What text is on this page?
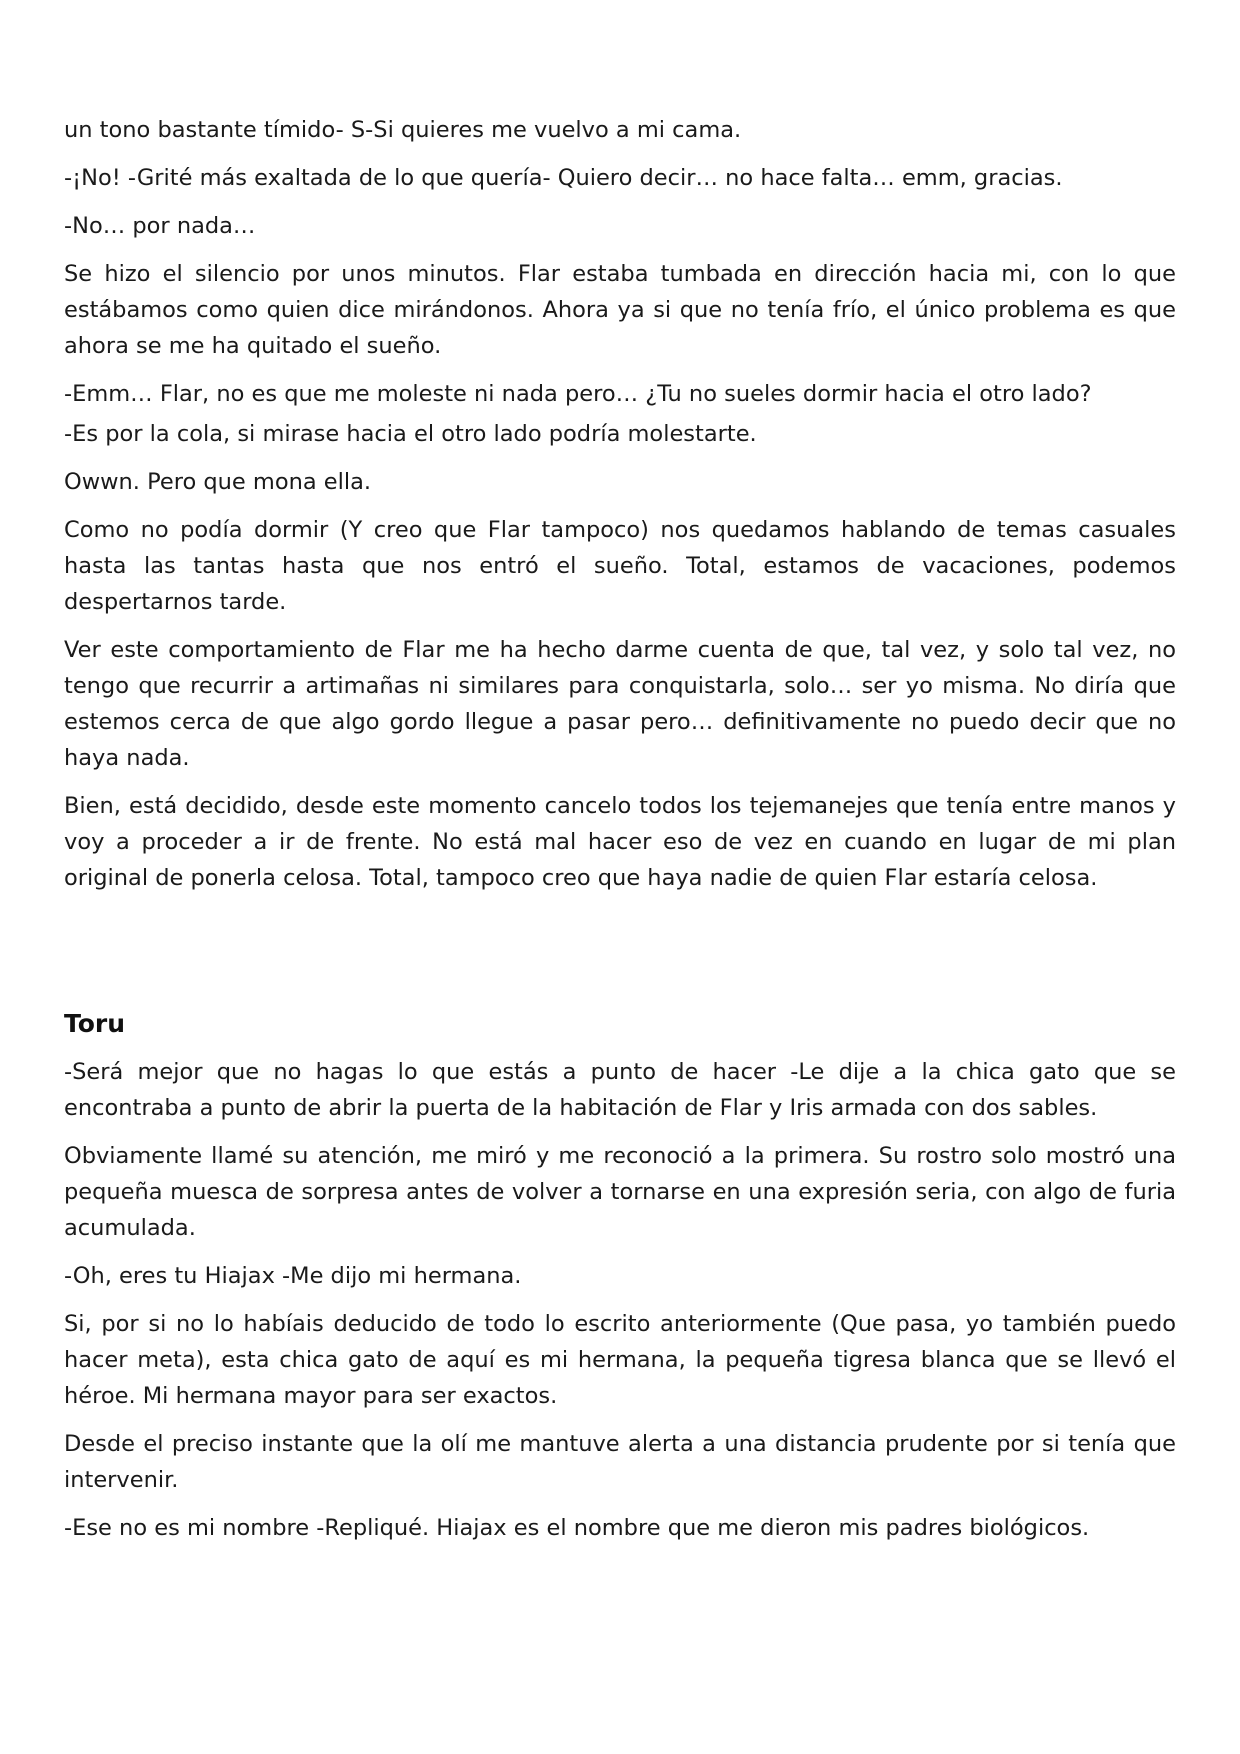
un tono bastante tímido- S-Si quieres me vuelvo a mi cama.

-¡No! -Grité más exaltada de lo que quería- Quiero decir… no hace falta… emm, gracias.

-No… por nada…

Se hizo el silencio por unos minutos. Flar estaba tumbada en dirección hacia mi, con lo que estábamos como quien dice mirándonos. Ahora ya si que no tenía frío, el único problema es que ahora se me ha quitado el sueño.

-Emm… Flar, no es que me moleste ni nada pero… ¿Tu no sueles dormir hacia el otro lado?

-Es por la cola, si mirase hacia el otro lado podría molestarte.

Owwn. Pero que mona ella.

Como no podía dormir (Y creo que Flar tampoco) nos quedamos hablando de temas casuales hasta las tantas hasta que nos entró el sueño. Total, estamos de vacaciones, podemos despertarnos tarde.

Ver este comportamiento de Flar me ha hecho darme cuenta de que, tal vez, y solo tal vez, no tengo que recurrir a artimañas ni similares para conquistarla, solo… ser yo misma. No diría que estemos cerca de que algo gordo llegue a pasar pero… definitivamente no puedo decir que no haya nada.

Bien, está decidido, desde este momento cancelo todos los tejemanejes que tenía entre manos y voy a proceder a ir de frente. No está mal hacer eso de vez en cuando en lugar de mi plan original de ponerla celosa. Total, tampoco creo que haya nadie de quien Flar estaría celosa.

Toru

-Será mejor que no hagas lo que estás a punto de hacer -Le dije a la chica gato que se encontraba a punto de abrir la puerta de la habitación de Flar y Iris armada con dos sables.

Obviamente llamé su atención, me miró y me reconoció a la primera. Su rostro solo mostró una pequeña muesca de sorpresa antes de volver a tornarse en una expresión seria, con algo de furia acumulada.

-Oh, eres tu Hiajax -Me dijo mi hermana.

Si, por si no lo habíais deducido de todo lo escrito anteriormente (Que pasa, yo también puedo hacer meta), esta chica gato de aquí es mi hermana, la pequeña tigresa blanca que se llevó el héroe. Mi hermana mayor para ser exactos.

Desde el preciso instante que la olí me mantuve alerta a una distancia prudente por si tenía que intervenir.

-Ese no es mi nombre -Repliqué. Hiajax es el nombre que me dieron mis padres biológicos.
